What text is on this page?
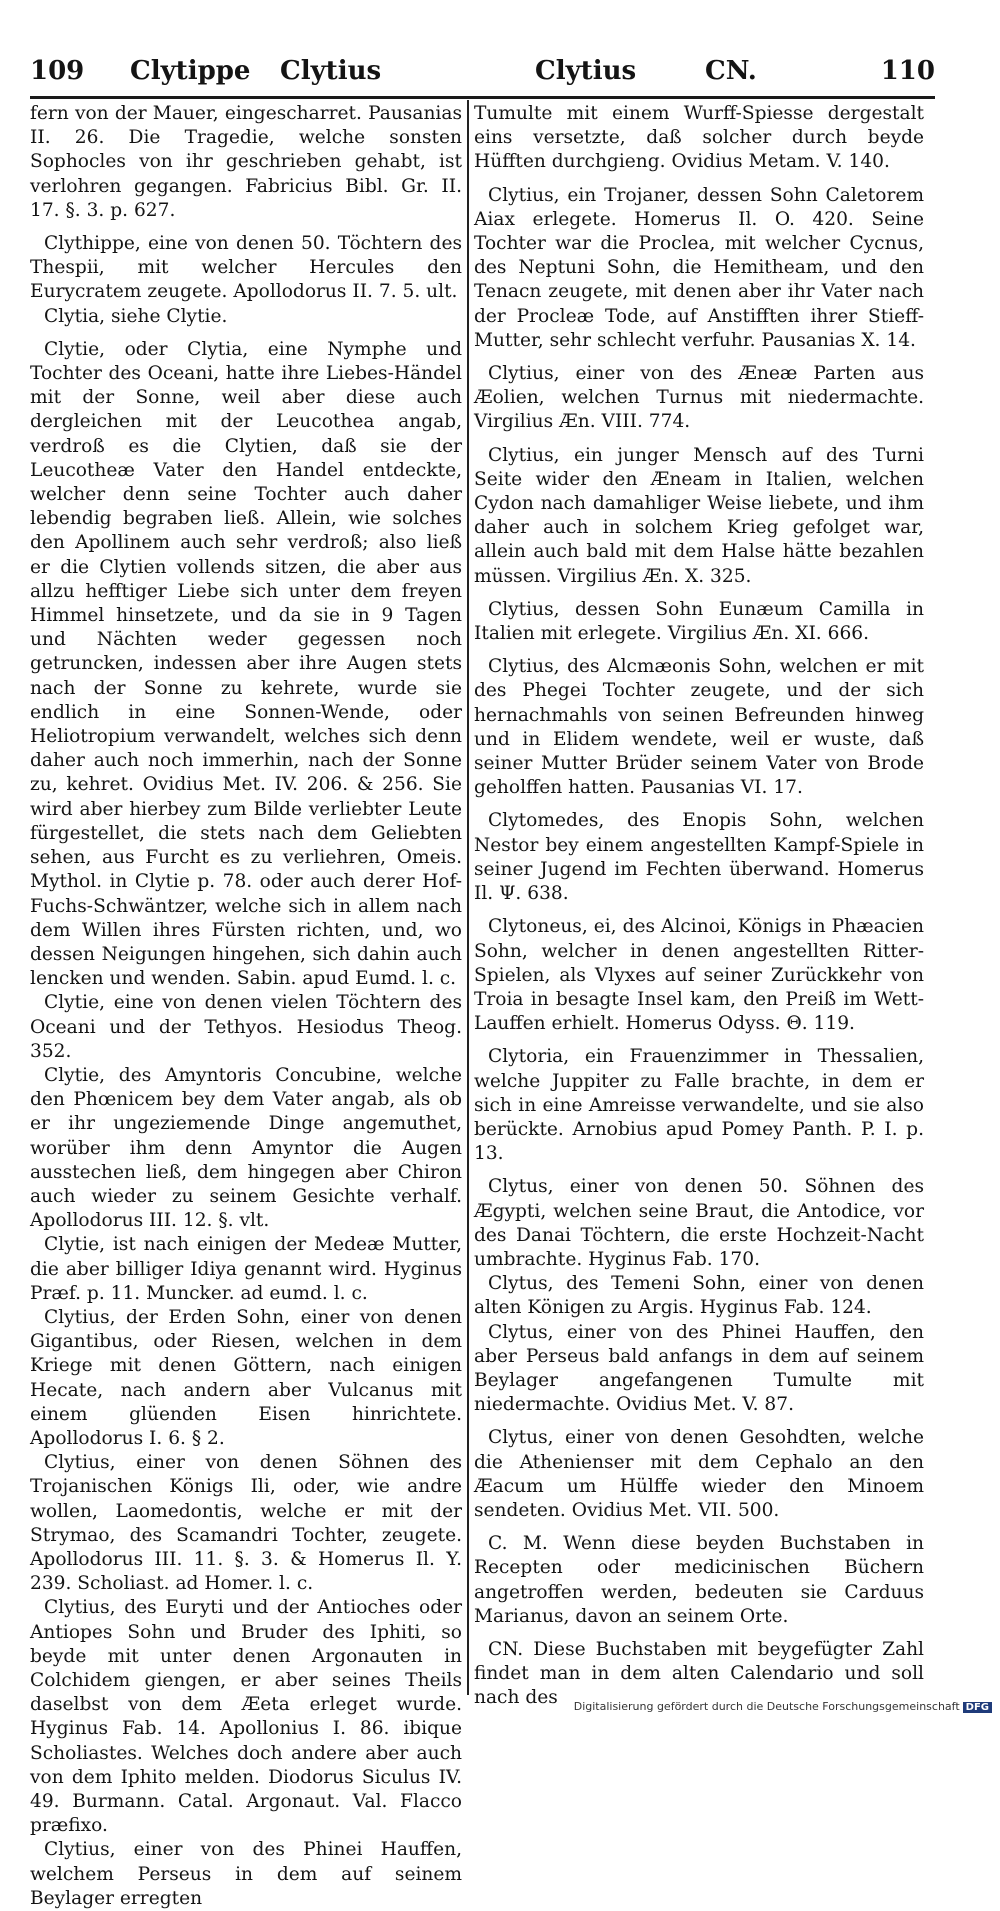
109 Clytippe Clytius	Clytius	CN.	110

fern von der Mauer, eingescharret. Pausanias II. 26. Die Tragedie, welche sonsten Sophocles von ihr geschrieben gehabt, ist verlohren gegangen. Fabricius Bibl. Gr. II. 17. §. 3. p. 627.

Clythippe, eine von denen 50. Töchtern des Thespii, mit welcher Hercules den Eurycratem zeugete. Apollodorus II. 7. 5. ult.

Clytia, siehe Clytie.

Clytie, oder Clytia, eine Nymphe und Tochter des Oceani, hatte ihre Liebes-Händel mit der Sonne, weil aber diese auch dergleichen mit der Leucothea angab, verdroß es die Clytien, daß sie der Leucotheæ Vater den Handel entdeckte, welcher denn seine Tochter auch daher lebendig begraben ließ. Allein, wie solches den Apollinem auch sehr verdroß; also ließ er die Clytien vollends sitzen, die aber aus allzu hefftiger Liebe sich unter dem freyen Himmel hinsetzete, und da sie in 9 Tagen und Nächten weder gegessen noch getruncken, indessen aber ihre Augen stets nach der Sonne zu kehrete, wurde sie endlich in eine Sonnen-Wende, oder Heliotropium verwandelt, welches sich denn daher auch noch immerhin, nach der Sonne zu, kehret. Ovidius Met. IV. 206. & 256. Sie wird aber hierbey zum Bilde verliebter Leute fürgestellet, die stets nach dem Geliebten sehen, aus Furcht es zu verliehren, Omeis. Mythol. in Clytie p. 78. oder auch derer Hof-Fuchs-Schwäntzer, welche sich in allem nach dem Willen ihres Fürsten richten, und, wo dessen Neigungen hingehen, sich dahin auch lencken und wenden. Sabin. apud Eumd. l. c.

Clytie, eine von denen vielen Töchtern des Oceani und der Tethyos. Hesiodus Theog. 352.

Clytie, des Amyntoris Concubine, welche den Phœnicem bey dem Vater angab, als ob er ihr ungeziemende Dinge angemuthet, worüber ihm denn Amyntor die Augen ausstechen ließ, dem hingegen aber Chiron auch wieder zu seinem Gesichte verhalf. Apollodorus III. 12. §. vlt.

Clytie, ist nach einigen der Medeæ Mutter, die aber billiger Idiya genannt wird. Hyginus Præf. p. 11. Muncker. ad eumd. l. c.

Clytius, der Erden Sohn, einer von denen Gigantibus, oder Riesen, welchen in dem Kriege mit denen Göttern, nach einigen Hecate, nach andern aber Vulcanus mit einem glüenden Eisen hinrichtete. Apollodorus I. 6. § 2.

Clytius, einer von denen Söhnen des Trojanischen Königs Ili, oder, wie andre wollen, Laomedontis, welche er mit der Strymao, des Scamandri Tochter, zeugete. Apollodorus III. 11. §. 3. & Homerus Il. Y. 239. Scholiast. ad Homer. l. c.

Clytius, des Euryti und der Antioches oder Antiopes Sohn und Bruder des Iphiti, so beyde mit unter denen Argonauten in Colchidem giengen, er aber seines Theils daselbst von dem Æeta erleget wurde. Hyginus Fab. 14. Apollonius I. 86. ibique Scholiastes. Welches doch andere aber auch von dem Iphito melden. Diodorus Siculus IV. 49. Burmann. Catal. Argonaut. Val. Flacco præfixo.

Clytius, einer von des Phinei Hauffen, welchem Perseus in dem auf seinem Beylager erregten

Tumulte mit einem Wurff-Spiesse dergestalt eins versetzte, daß solcher durch beyde Hüfften durchgieng. Ovidius Metam. V. 140.

Clytius, ein Trojaner, dessen Sohn Caletorem Aiax erlegete. Homerus Il. O. 420. Seine Tochter war die Proclea, mit welcher Cycnus, des Neptuni Sohn, die Hemitheam, und den Tenacn zeugete, mit denen aber ihr Vater nach der Procleæ Tode, auf Anstifften ihrer Stieff-Mutter, sehr schlecht verfuhr. Pausanias X. 14.

Clytius, einer von des Æneæ Parten aus Æolien, welchen Turnus mit niedermachte. Virgilius Æn. VIII. 774.

Clytius, ein junger Mensch auf des Turni Seite wider den Æneam in Italien, welchen Cydon nach damahliger Weise liebete, und ihm daher auch in solchem Krieg gefolget war, allein auch bald mit dem Halse hätte bezahlen müssen. Virgilius Æn. X. 325.

Clytius, dessen Sohn Eunæum Camilla in Italien mit erlegete. Virgilius Æn. XI. 666.

Clytius, des Alcmæonis Sohn, welchen er mit des Phegei Tochter zeugete, und der sich hernachmahls von seinen Befreunden hinweg und in Elidem wendete, weil er wuste, daß seiner Mutter Brüder seinem Vater von Brode geholffen hatten. Pausanias VI. 17.

Clytomedes, des Enopis Sohn, welchen Nestor bey einem angestellten Kampf-Spiele in seiner Jugend im Fechten überwand. Homerus Il. Ψ. 638.

Clytoneus, ei, des Alcinoi, Königs in Phæacien Sohn, welcher in denen angestellten Ritter-Spielen, als Vlyxes auf seiner Zurückkehr von Troia in besagte Insel kam, den Preiß im Wett-Lauffen erhielt. Homerus Odyss. Θ. 119.

Clytoria, ein Frauenzimmer in Thessalien, welche Juppiter zu Falle brachte, in dem er sich in eine Amreisse verwandelte, und sie also berückte. Arnobius apud Pomey Panth. P. I. p. 13.

Clytus, einer von denen 50. Söhnen des Ægypti, welchen seine Braut, die Antodice, vor des Danai Töchtern, die erste Hochzeit-Nacht umbrachte. Hyginus Fab. 170.

Clytus, des Temeni Sohn, einer von denen alten Königen zu Argis. Hyginus Fab. 124.

Clytus, einer von des Phinei Hauffen, den aber Perseus bald anfangs in dem auf seinem Beylager angefangenen Tumulte mit niedermachte. Ovidius Met. V. 87.

Clytus, einer von denen Gesohdten, welche die Athenienser mit dem Cephalo an den Æacum um Hülffe wieder den Minoem sendeten. Ovidius Met. VII. 500.

C. M. Wenn diese beyden Buchstaben in Recepten oder medicinischen Büchern angetroffen werden, bedeuten sie Carduus Marianus, davon an seinem Orte.

CN. Diese Buchstaben mit beygefügter Zahl findet man in dem alten Calendario und soll nach des	Digitalisierung gefördert durch die Deutsche Forschungsgemeinschaft DFG
